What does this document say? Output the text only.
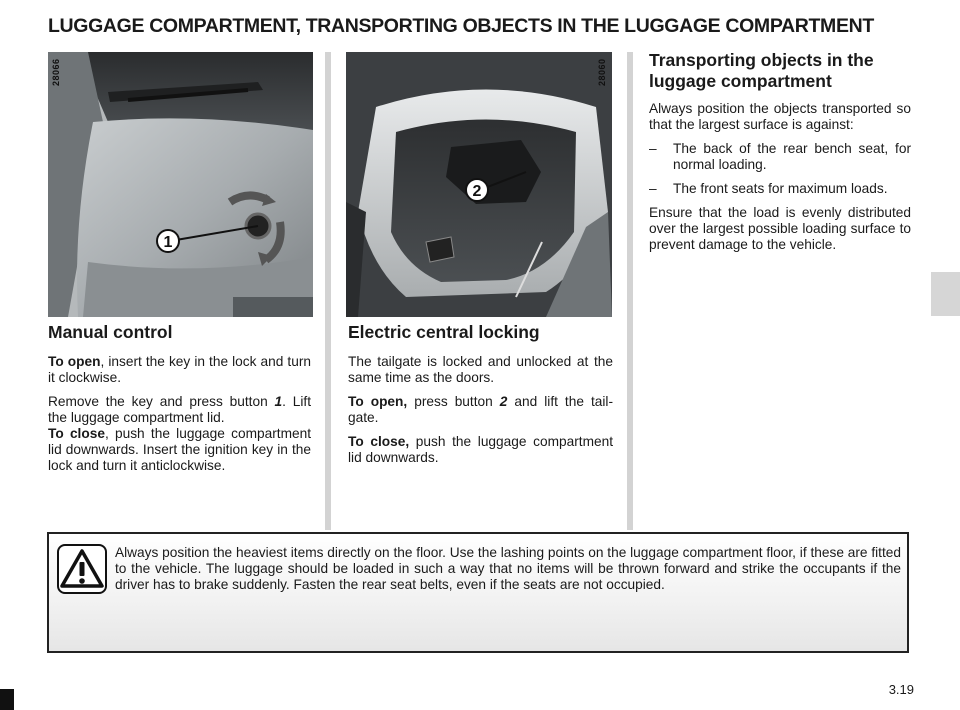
LUGGAGE COMPARTMENT, TRANSPORTING OBJECTS IN THE LUGGAGE COMPARTMENT
1
28066
2
28060
Manual control

To open, insert the key in the lock and turn it clockwise.

Remove the key and press button 1. Lift the luggage compartment lid.

To close, push the luggage compartment lid downwards. Insert the ignition key in the lock and turn it anticlockwise.

Electric central locking

The tailgate is locked and unlocked at the same time as the doors.

To open, press button 2 and lift the tailgate.

To close, push the luggage compartment lid downwards.

Transporting objects in the luggage compartment

Always position the objects transported so that the largest surface is against:

– The back of the rear bench seat, for normal loading.
– The front seats for maximum loads.

Ensure that the load is evenly distributed over the largest possible loading surface to prevent damage to the vehicle.

Always position the heaviest items directly on the floor. Use the lashing points on the luggage compartment floor, if these are fitted to the vehicle. The luggage should be loaded in such a way that no items will be thrown forward and strike the occupants if the driver has to brake suddenly. Fasten the rear seat belts, even if the seats are not occupied.
3.19
